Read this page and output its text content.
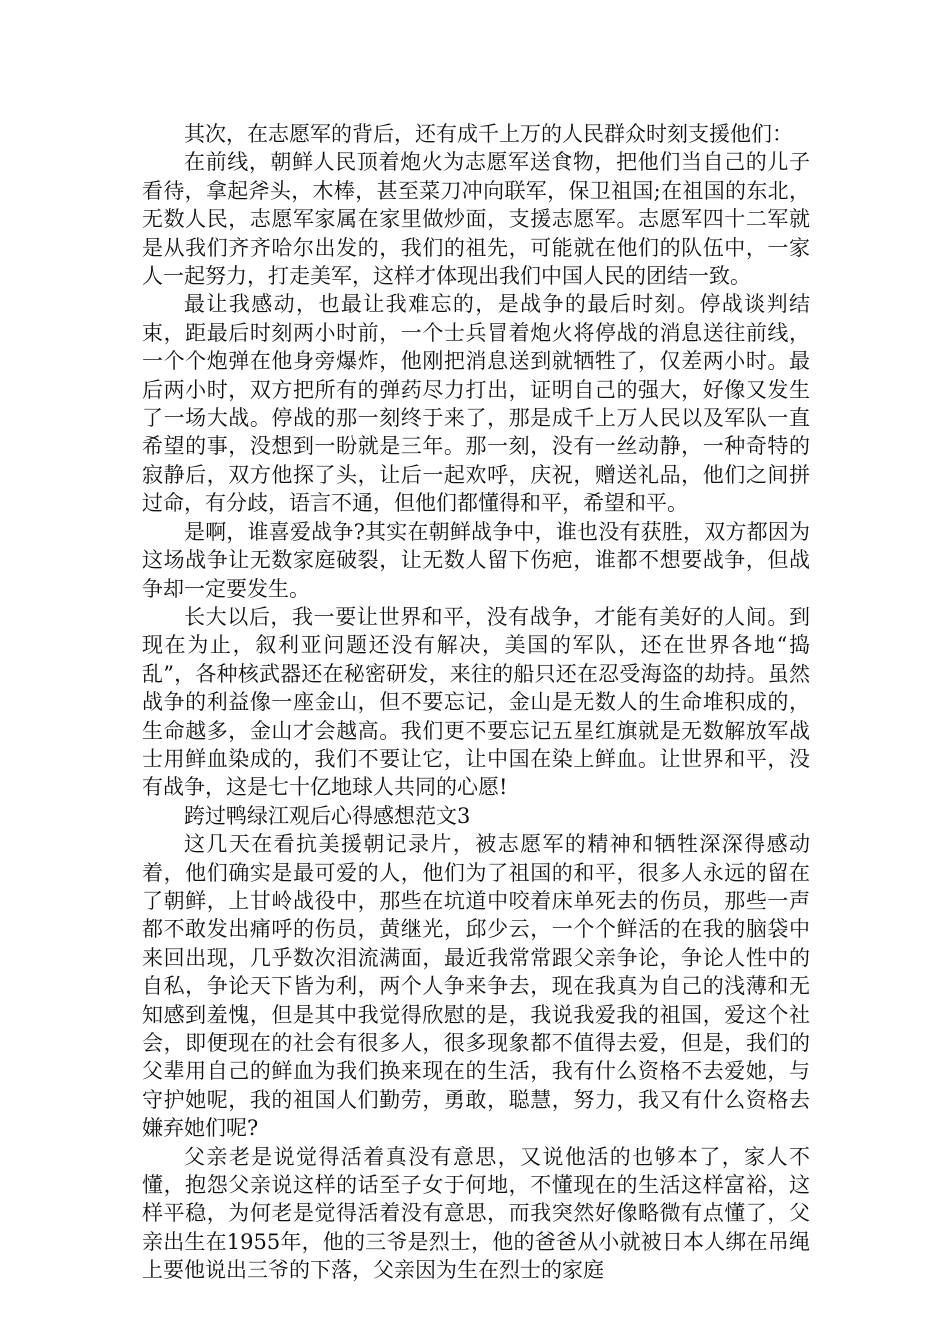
其次，在志愿军的背后，还有成千上万的人民群众时刻支援他们：

在前线，朝鲜人民顶着炮火为志愿军送食物，把他们当自己的儿子看待，拿起斧头，木棒，甚至菜刀冲向联军，保卫祖国;在祖国的东北，无数人民，志愿军家属在家里做炒面，支援志愿军。志愿军四十二军就是从我们齐齐哈尔出发的，我们的祖先，可能就在他们的队伍中，一家人一起努力，打走美军，这样才体现出我们中国人民的团结一致。

最让我感动，也最让我难忘的，是战争的最后时刻。停战谈判结束，距最后时刻两小时前，一个士兵冒着炮火将停战的消息送往前线，一个个炮弹在他身旁爆炸，他刚把消息送到就牺牲了，仅差两小时。最后两小时，双方把所有的弹药尽力打出，证明自己的强大，好像又发生了一场大战。停战的那一刻终于来了，那是成千上万人民以及军队一直希望的事，没想到一盼就是三年。那一刻，没有一丝动静，一种奇特的寂静后，双方他探了头，让后一起欢呼，庆祝，赠送礼品，他们之间拼过命，有分歧，语言不通，但他们都懂得和平，希望和平。

是啊，谁喜爱战争?其实在朝鲜战争中，谁也没有获胜，双方都因为这场战争让无数家庭破裂，让无数人留下伤疤，谁都不想要战争，但战争却一定要发生。

长大以后，我一要让世界和平，没有战争，才能有美好的人间。到现在为止，叙利亚问题还没有解决，美国的军队，还在世界各地“捣乱”，各种核武器还在秘密研发，来往的船只还在忍受海盗的劫持。虽然战争的利益像一座金山，但不要忘记，金山是无数人的生命堆积成的，生命越多，金山才会越高。我们更不要忘记五星红旗就是无数解放军战士用鲜血染成的，我们不要让它，让中国在染上鲜血。让世界和平，没有战争，这是七十亿地球人共同的心愿!

跨过鸭绿江观后心得感想范文3

这几天在看抗美援朝记录片，被志愿军的精神和牺牲深深得感动着，他们确实是最可爱的人，他们为了祖国的和平，很多人永远的留在了朝鲜，上甘岭战役中，那些在坑道中咬着床单死去的伤员，那些一声都不敢发出痛呼的伤员，黄继光，邱少云，一个个鲜活的在我的脑袋中来回出现，几乎数次泪流满面，最近我常常跟父亲争论，争论人性中的自私，争论天下皆为利，两个人争来争去，现在我真为自己的浅薄和无知感到羞愧，但是其中我觉得欣慰的是，我说我爱我的祖国，爱这个社会，即便现在的社会有很多人，很多现象都不值得去爱，但是，我们的父辈用自己的鲜血为我们换来现在的生活，我有什么资格不去爱她，与守护她呢，我的祖国人们勤劳，勇敢，聪慧，努力，我又有什么资格去嫌弃她们呢?

父亲老是说觉得活着真没有意思，又说他活的也够本了，家人不懂，抱怨父亲说这样的话至子女于何地，不懂现在的生活这样富裕，这样平稳，为何老是觉得活着没有意思，而我突然好像略微有点懂了，父亲出生在1955年，他的三爷是烈士，他的爸爸从小就被日本人绑在吊绳上要他说出三爷的下落，父亲因为生在烈士的家庭
